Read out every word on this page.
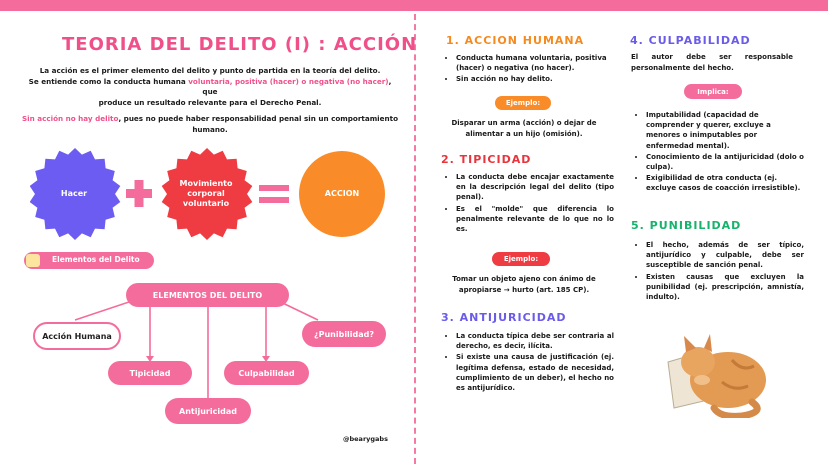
TEORIA DEL DELITO (I) : ACCIÓN
La acción es el primer elemento del delito y punto de partida en la teoría del delito.
Se entiende como la conducta humana voluntaria, positiva (hacer) o negativa (no hacer), que
produce un resultado relevante para el Derecho Penal.
Sin acción no hay delito, pues no puede haber responsabilidad penal sin un comportamiento
humano.
Hacer
Movimiento corporal voluntario
ACCION
Elementos del Delito
ELEMENTOS DEL DELITO
Acción Humana	¿Punibilidad?
Tipicidad	Culpabilidad
Antijuricidad
@bearygabs
1. ACCION HUMANA
• Conducta humana voluntaria, positiva (hacer) o negativa (no hacer).
• Sin acción no hay delito.
Ejemplo:
Disparar un arma (acción) o dejar de alimentar a un hijo (omisión).
2. TIPICIDAD
• La conducta debe encajar exactamente en la descripción legal del delito (tipo penal).
• Es el "molde" que diferencia lo penalmente relevante de lo que no lo es.
Ejemplo:
Tomar un objeto ajeno con ánimo de apropiarse → hurto (art. 185 CP).
3. ANTIJURICIDAD
• La conducta típica debe ser contraria al derecho, es decir, ilícita.
• Si existe una causa de justificación (ej. legítima defensa, estado de necesidad, cumplimiento de un deber), el hecho no es antijurídico.
4. CULPABILIDAD
El autor debe ser responsable personalmente del hecho.
Implica:
• Imputabilidad (capacidad de comprender y querer, excluye a menores o inimputables por enfermedad mental).
• Conocimiento de la antijuricidad (dolo o culpa).
• Exigibilidad de otra conducta (ej. excluye casos de coacción irresistible).
5. PUNIBILIDAD
• El hecho, además de ser típico, antijurídico y culpable, debe ser susceptible de sanción penal.
• Existen causas que excluyen la punibilidad (ej. prescripción, amnistía, indulto).
